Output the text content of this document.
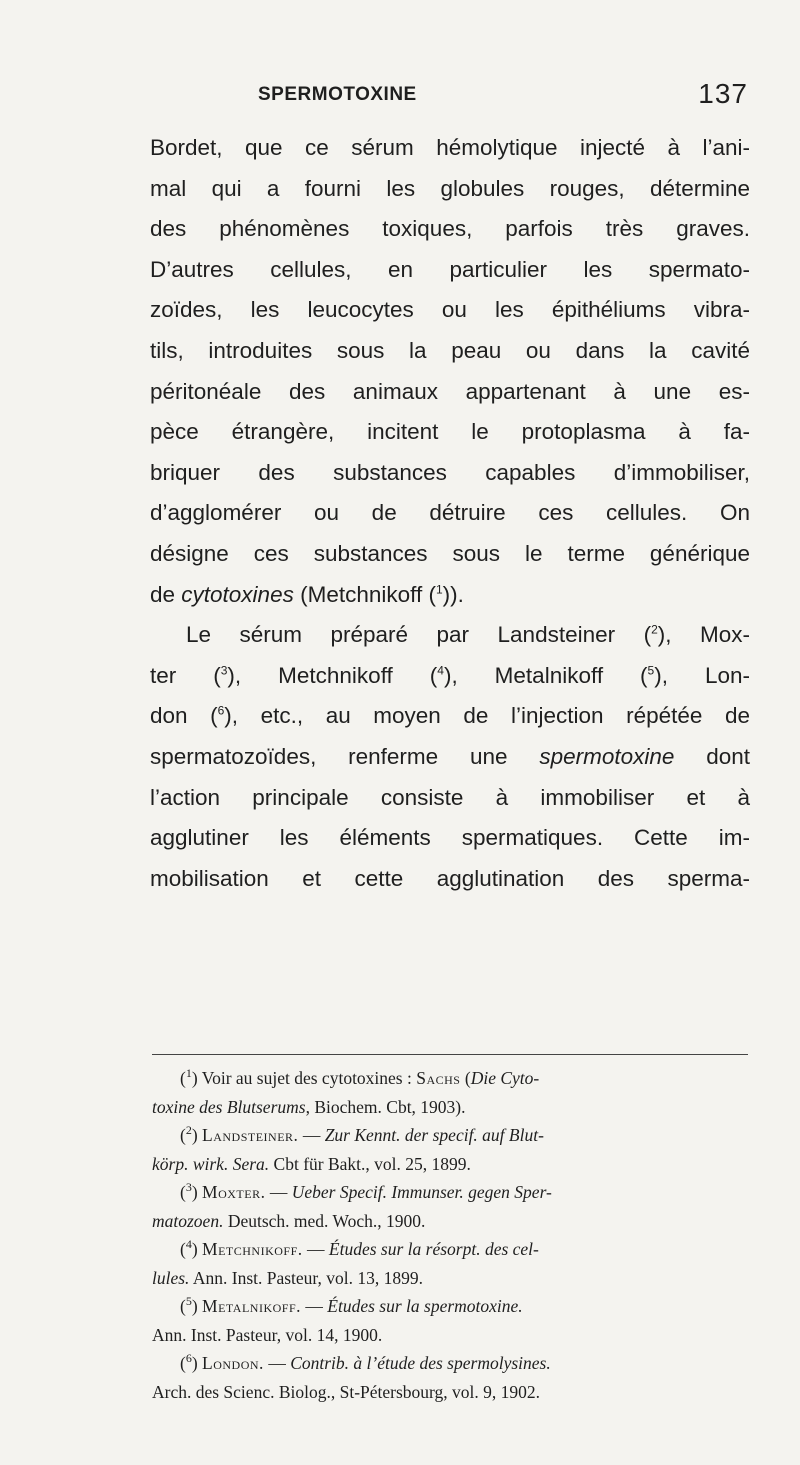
SPERMOTOXINE	137
Bordet, que ce sérum hémolytique injecté à l’ani-
mal qui a fourni les globules rouges, détermine
des phénomènes toxiques, parfois très graves.
D’autres cellules, en particulier les spermato-
zoïdes, les leucocytes ou les épithéliums vibra-
tils, introduites sous la peau ou dans la cavité
péritonéale des animaux appartenant à une es-
pèce étrangère, incitent le protoplasma à fa-
briquer des substances capables d’immobiliser,
d’agglomérer ou de détruire ces cellules. On
désigne ces substances sous le terme générique
de cytotoxines (Metchnikoff ($^1$)).
Le sérum préparé par Landsteiner ($^2$), Mox-
ter ($^3$), Metchnikoff ($^4$), Metalnikoff ($^5$), Lon-
don ($^6$), etc., au moyen de l’injection répétée de
spermatozoïdes, renferme une spermotoxine dont
l’action principale consiste à immobiliser et à
agglutiner les éléments spermatiques. Cette im-
mobilisation et cette agglutination des sperma-

($^1$) Voir au sujet des cytotoxines : Sachs (Die Cyto-
toxine des Blutserums, Biochem. Cbt, 1903).

($^2$) Landsteiner. — Zur Kennt. der specif. auf Blut-
körp. wirk. Sera. Cbt für Bakt., vol. 25, 1899.

($^3$) Moxter. — Ueber Specif. Immunser. gegen Sper-
matozoen. Deutsch. med. Woch., 1900.

($^4$) Metchnikoff. — Études sur la résorpt. des cel-
lules. Ann. Inst. Pasteur, vol. 13, 1899.

($^5$) Metalnikoff. — Études sur la spermotoxine.
Ann. Inst. Pasteur, vol. 14, 1900.

($^6$) London. — Contrib. à l’étude des spermolysines.
Arch. des Scienc. Biolog., St-Pétersbourg, vol. 9, 1902.
